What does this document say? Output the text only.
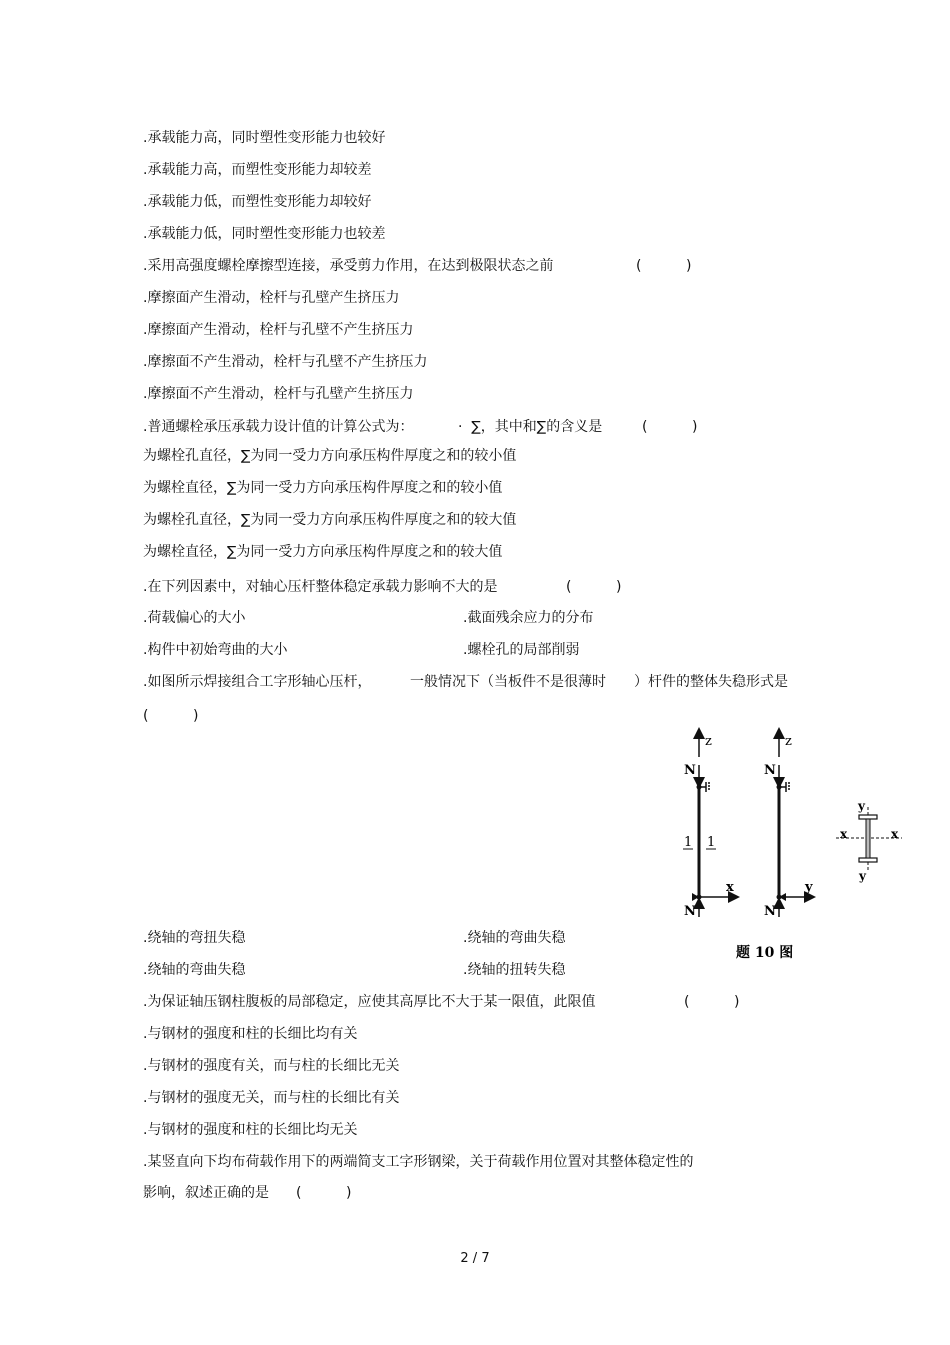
.承载能力高，同时塑性变形能力也较好
.承载能力高，而塑性变形能力却较差
.承载能力低，而塑性变形能力却较好
.承载能力低，同时塑性变形能力也较差
.采用高强度螺栓摩擦型连接，承受剪力作用，在达到极限状态之前	(          )
.摩擦面产生滑动，栓杆与孔壁产生挤压力
.摩擦面产生滑动，栓杆与孔壁不产生挤压力
.摩擦面不产生滑动，栓杆与孔壁不产生挤压力
.摩擦面不产生滑动，栓杆与孔壁产生挤压力
.普通螺栓承压承载力设计值的计算公式为：	·  ∑，其中和∑的含义是	(          )
为螺栓孔直径，∑为同一受力方向承压构件厚度之和的较小值
为螺栓直径，∑为同一受力方向承压构件厚度之和的较小值
为螺栓孔直径，∑为同一受力方向承压构件厚度之和的较大值
为螺栓直径，∑为同一受力方向承压构件厚度之和的较大值
.在下列因素中，对轴心压杆整体稳定承载力影响不大的是	(          )
.荷载偏心的大小	.截面残余应力的分布
.构件中初始弯曲的大小	.螺栓孔的局部削弱
.如图所示焊接组合工字形轴心压杆，	一般情况下（当板件不是很薄时 ）杆件的整体失稳形式是
(          )
z	z
N	N
N	N
1 1
x	y
y
y
x	x
题 10 图
.绕轴的弯扭失稳	.绕轴的弯曲失稳
.绕轴的弯曲失稳	.绕轴的扭转失稳
.为保证轴压钢柱腹板的局部稳定，应使其高厚比不大于某一限值，此限值	(          )
.与钢材的强度和柱的长细比均有关
.与钢材的强度有关，而与柱的长细比无关
.与钢材的强度无关，而与柱的长细比有关
.与钢材的强度和柱的长细比均无关
.某竖直向下均布荷载作用下的两端简支工字形钢梁，关于荷载作用位置对其整体稳定性的
影响，叙述正确的是 (          )
2 / 7
